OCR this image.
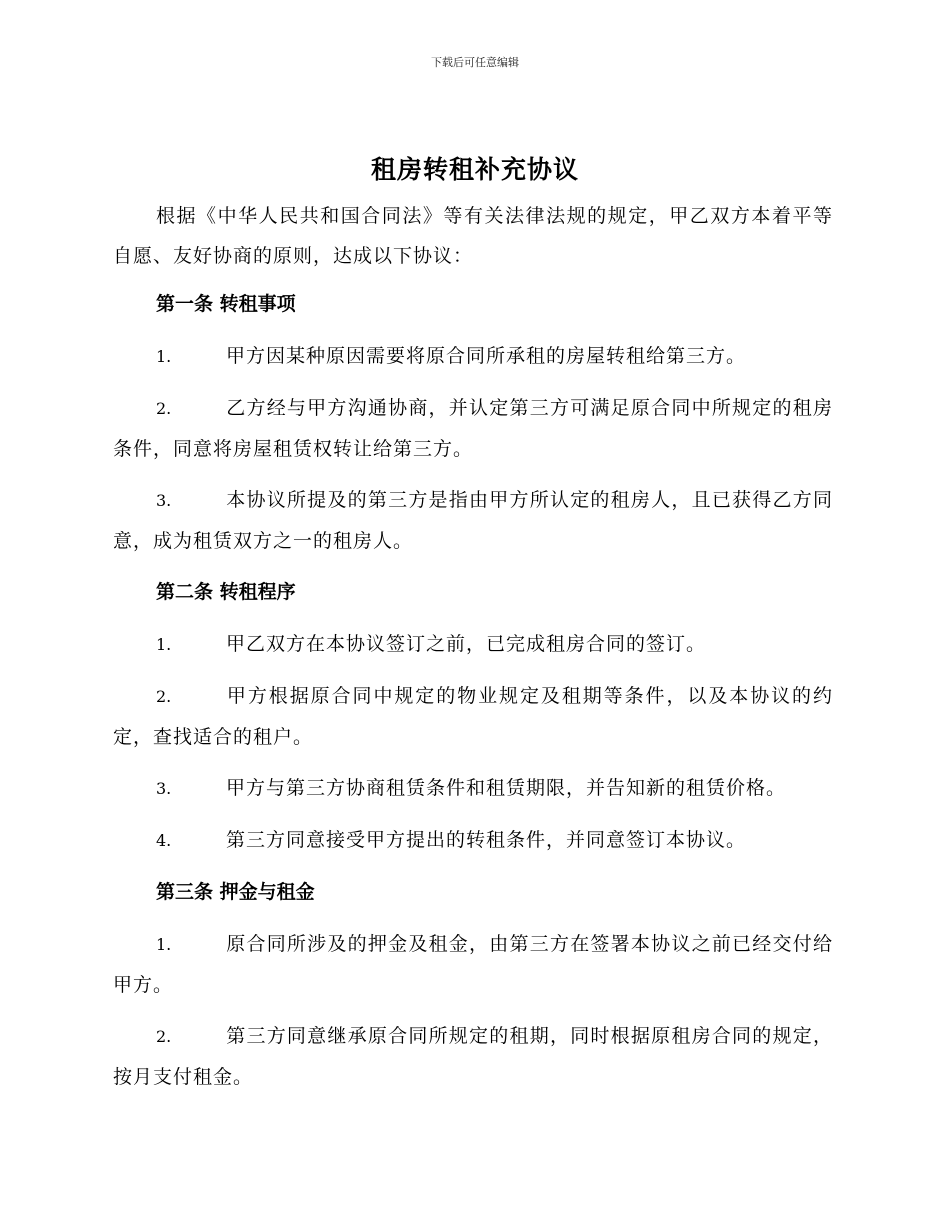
下载后可任意编辑
租房转租补充协议

根据《中华人民共和国合同法》等有关法律法规的规定，甲乙双方本着平等自愿、友好协商的原则，达成以下协议：

第一条 转租事项

1.	甲方因某种原因需要将原合同所承租的房屋转租给第三方。

2.	乙方经与甲方沟通协商，并认定第三方可满足原合同中所规定的租房条件，同意将房屋租赁权转让给第三方。

3.	本协议所提及的第三方是指由甲方所认定的租房人，且已获得乙方同意，成为租赁双方之一的租房人。

第二条 转租程序

1.	甲乙双方在本协议签订之前，已完成租房合同的签订。

2.	甲方根据原合同中规定的物业规定及租期等条件，以及本协议的约定，查找适合的租户。

3.	甲方与第三方协商租赁条件和租赁期限，并告知新的租赁价格。

4.	第三方同意接受甲方提出的转租条件，并同意签订本协议。

第三条 押金与租金

1.	原合同所涉及的押金及租金，由第三方在签署本协议之前已经交付给甲方。

2.	第三方同意继承原合同所规定的租期，同时根据原租房合同的规定，按月支付租金。
